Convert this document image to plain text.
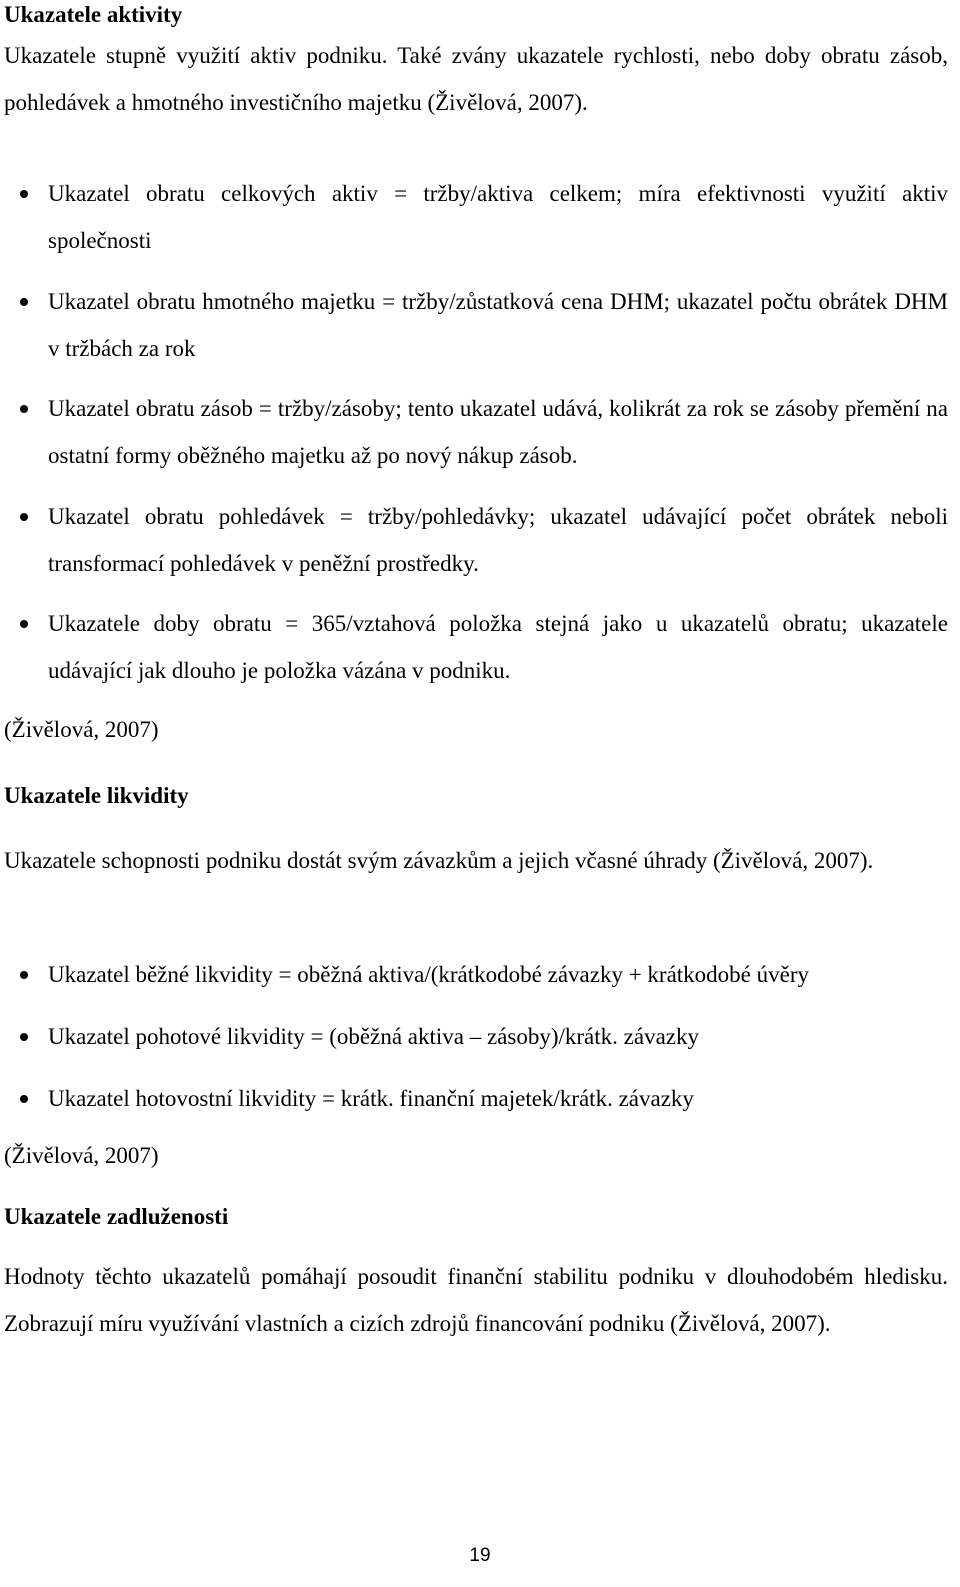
Ukazatele aktivity

Ukazatele stupně využití aktiv podniku. Také zvány ukazatele rychlosti, nebo doby obratu zásob, pohledávek a hmotného investičního majetku (Živělová, 2007).

Ukazatel obratu celkových aktiv = tržby/aktiva celkem; míra efektivnosti využití aktiv společnosti
Ukazatel obratu hmotného majetku = tržby/zůstatková cena DHM; ukazatel počtu obrátek DHM v tržbách za rok
Ukazatel obratu zásob = tržby/zásoby; tento ukazatel udává, kolikrát za rok se zásoby přemění na ostatní formy oběžného majetku až po nový nákup zásob.
Ukazatel obratu pohledávek = tržby/pohledávky; ukazatel udávající počet obrátek neboli transformací pohledávek v peněžní prostředky.
Ukazatele doby obratu = 365/vztahová položka stejná jako u ukazatelů obratu; ukazatele udávající jak dlouho je položka vázána v podniku.

(Živělová, 2007)

Ukazatele likvidity

Ukazatele schopnosti podniku dostát svým závazkům a jejich včasné úhrady (Živělová, 2007).

Ukazatel běžné likvidity = oběžná aktiva/(krátkodobé závazky + krátkodobé úvěry
Ukazatel pohotové likvidity = (oběžná aktiva – zásoby)/krátk. závazky
Ukazatel hotovostní likvidity = krátk. finanční majetek/krátk. závazky

(Živělová, 2007)

Ukazatele zadluženosti

Hodnoty těchto ukazatelů pomáhají posoudit finanční stabilitu podniku v dlouhodobém hledisku. Zobrazují míru využívání vlastních a cizích zdrojů financování podniku (Živělová, 2007).

19
